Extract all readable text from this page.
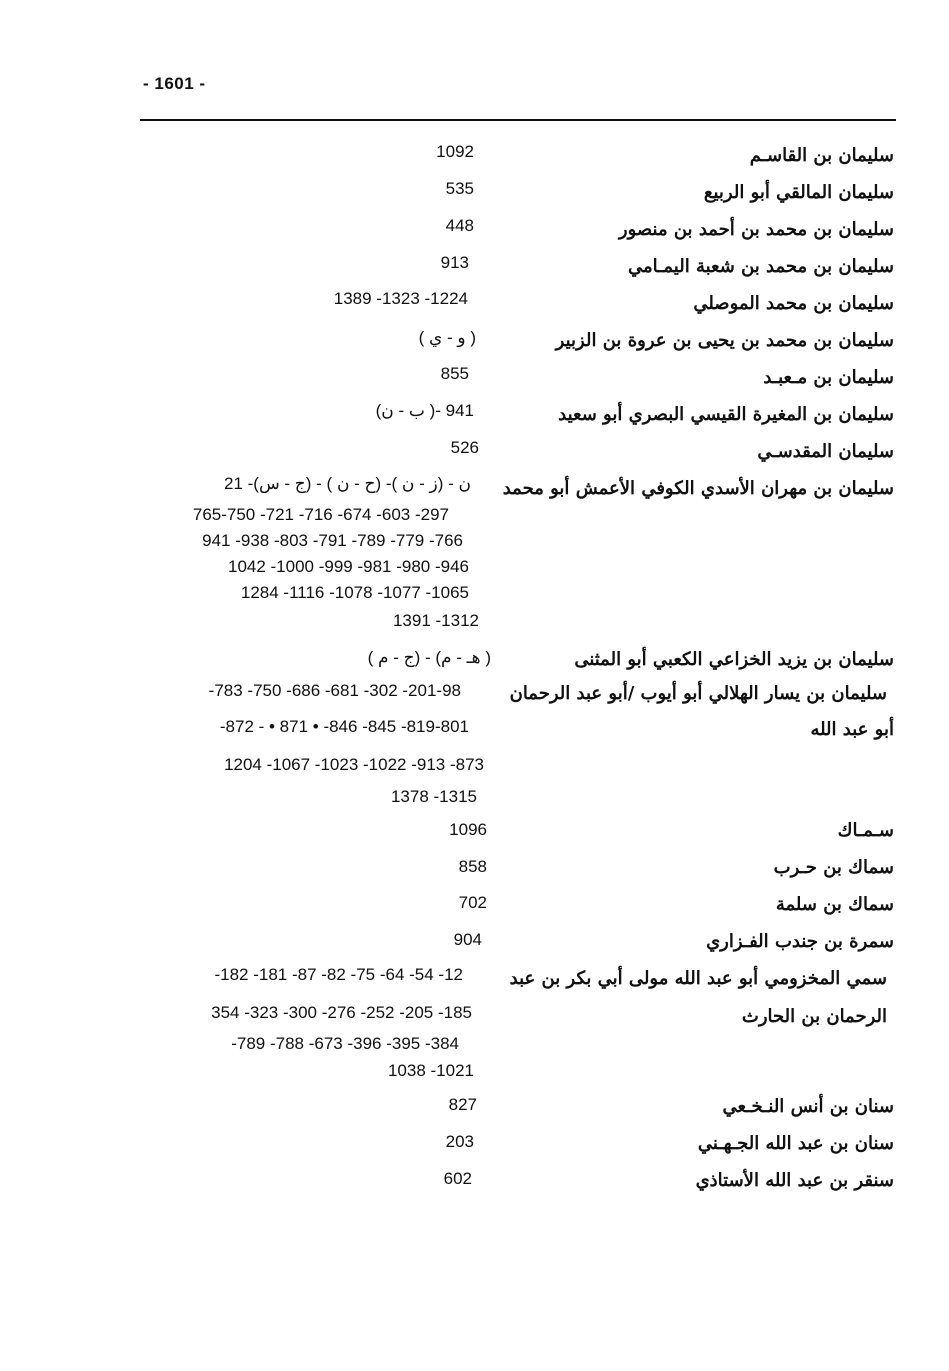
- 1601 -
سليمان بن القاسـم
1092
سليمان المالقي أبو الربيع
535
سليمان بن محمد بن أحمد بن منصور
448
سليمان بن محمد بن شعبة اليمـامي
913
سليمان بن محمد الموصلي
1389 -1323 -1224
سليمان بن محمد بن يحيى بن عروة بن الزبير
( و - ي )
سليمان بن مـعبـد
855
سليمان بن المغيرة القيسي البصري أبو سعيد
(ب - ن )- 941
سليمان المقدسـي
526
سليمان بن مهران الأسدي الكوفي الأعمش أبو محمد
ن - (ز - ن )- (ح - ن ) - (ج - س)- 21
765-750 -721 -716 -674 -603 -297
941 -938 -803 -791 -789 -779 -766
1042 -1000 -999 -981 -980 -946
1284 -1116 -1078 -1077 -1065
1391 -1312
سليمان بن يزيد الخزاعي الكعبي أبو المثنى
( ج - م) - (هـ - م )
سليمان بن يسار الهلالي أبو أيوب /أبو عبد الرحمان
أبو عبد الله
-783 -750 -686 -681 -302 -201-98
-872 - • 871 • -846 -845 -819-801
1204 -1067 -1023 -1022 -913 -873
1378 -1315
سـمـاك
1096
سماك بن حـرب
858
سماك بن سلمة
702
سمرة بن جندب الفـزاري
904
سمي المخزومي أبو عبد الله مولى أبي بكر بن عبد
الرحمان بن الحارث
-182 -181 -87 -82 -75 -64 -54 -12
354 -323 -300 -276 -252 -205 -185
-789 -788 -673 -396 -395 -384
1038 -1021
سنان بن أنس النـخـعي
827
سنان بن عبد الله الجـهـني
203
سنقر بن عبد الله الأستاذي
602
